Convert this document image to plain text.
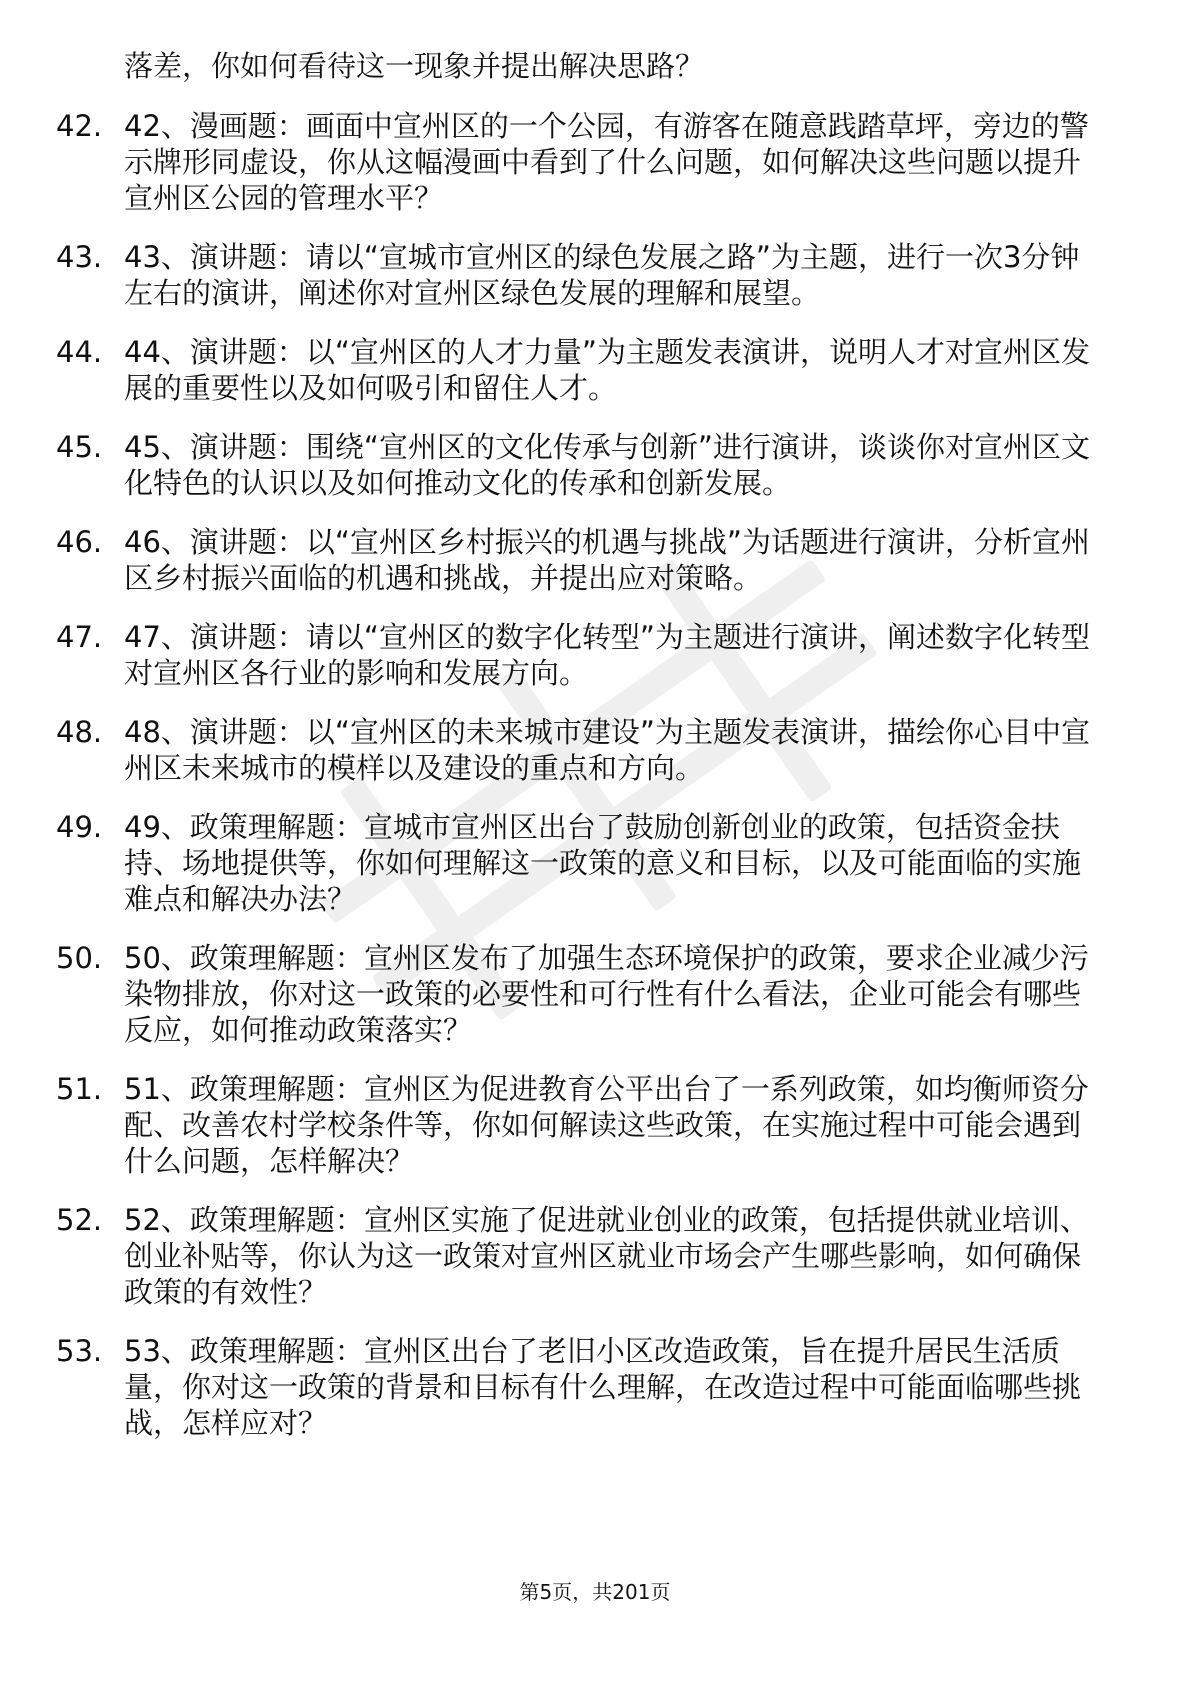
落差，你如何看待这一现象并提出解决思路？
42. 42、漫画题：画面中宣州区的一个公园，有游客在随意践踏草坪，旁边的警示牌形同虚设，你从这幅漫画中看到了什么问题，如何解决这些问题以提升宣州区公园的管理水平？
43. 43、演讲题：请以“宣城市宣州区的绿色发展之路”为主题，进行一次3分钟左右的演讲，阐述你对宣州区绿色发展的理解和展望。
44. 44、演讲题：以“宣州区的人才力量”为主题发表演讲，说明人才对宣州区发展的重要性以及如何吸引和留住人才。
45. 45、演讲题：围绕“宣州区的文化传承与创新”进行演讲，谈谈你对宣州区文化特色的认识以及如何推动文化的传承和创新发展。
46. 46、演讲题：以“宣州区乡村振兴的机遇与挑战”为话题进行演讲，分析宣州区乡村振兴面临的机遇和挑战，并提出应对策略。
47. 47、演讲题：请以“宣州区的数字化转型”为主题进行演讲，阐述数字化转型对宣州区各行业的影响和发展方向。
48. 48、演讲题：以“宣州区的未来城市建设”为主题发表演讲，描绘你心目中宣州区未来城市的模样以及建设的重点和方向。
49. 49、政策理解题：宣城市宣州区出台了鼓励创新创业的政策，包括资金扶持、场地提供等，你如何理解这一政策的意义和目标，以及可能面临的实施难点和解决办法？
50. 50、政策理解题：宣州区发布了加强生态环境保护的政策，要求企业减少污染物排放，你对这一政策的必要性和可行性有什么看法，企业可能会有哪些反应，如何推动政策落实？
51. 51、政策理解题：宣州区为促进教育公平出台了一系列政策，如均衡师资分配、改善农村学校条件等，你如何解读这些政策，在实施过程中可能会遇到什么问题，怎样解决？
52. 52、政策理解题：宣州区实施了促进就业创业的政策，包括提供就业培训、创业补贴等，你认为这一政策对宣州区就业市场会产生哪些影响，如何确保政策的有效性？
53. 53、政策理解题：宣州区出台了老旧小区改造政策，旨在提升居民生活质量，你对这一政策的背景和目标有什么理解，在改造过程中可能面临哪些挑战，怎样应对？
第5页，共201页
